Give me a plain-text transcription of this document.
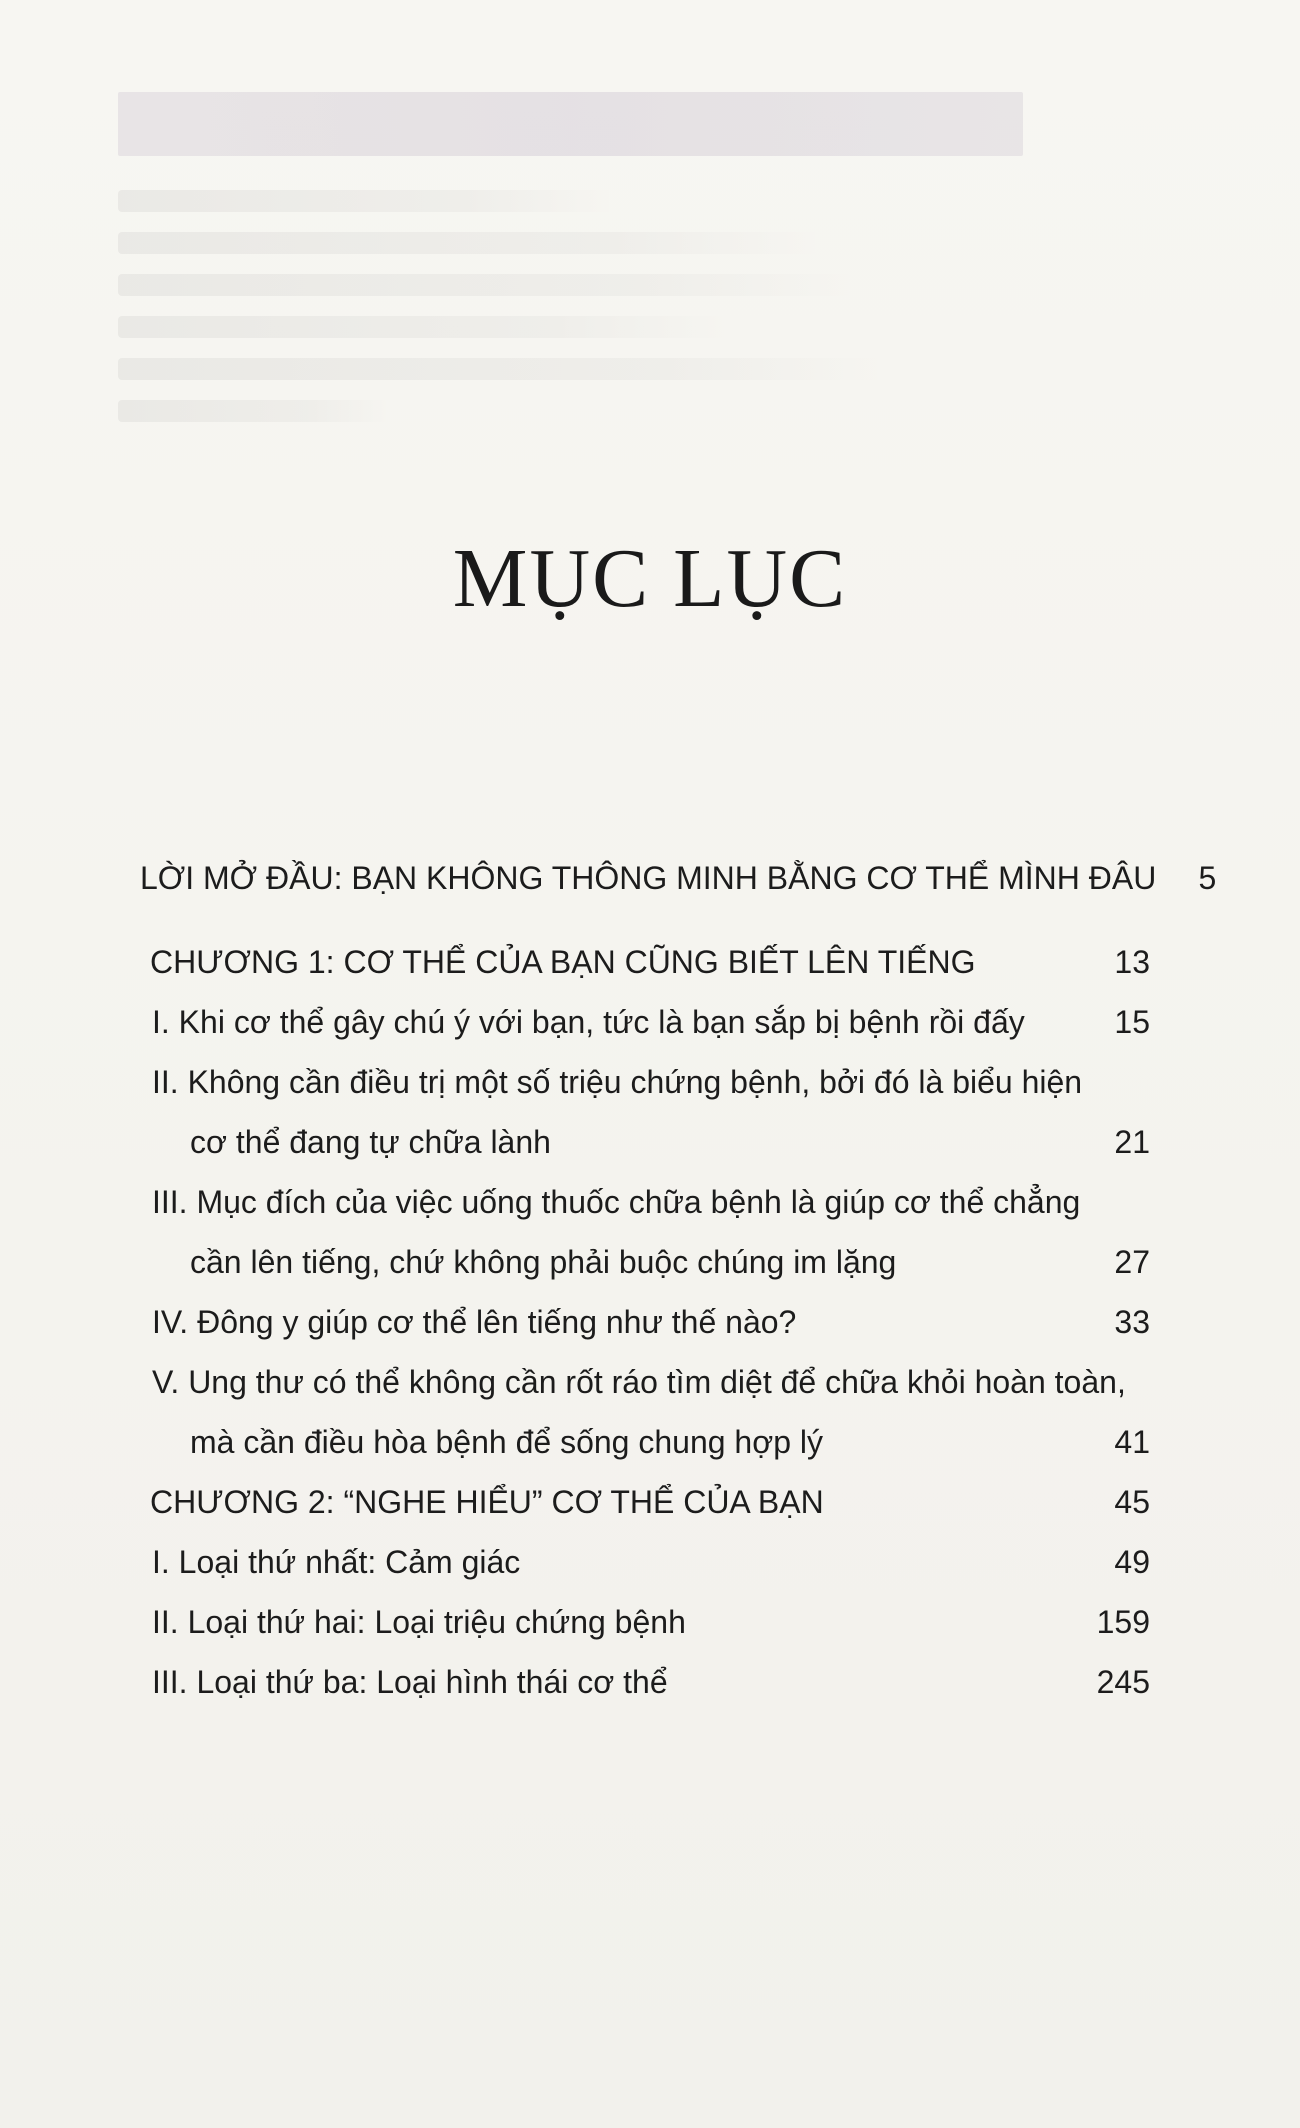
MỤC LỤC
LỜI MỞ ĐẦU: BẠN KHÔNG THÔNG MINH BẰNG CƠ THỂ MÌNH ĐÂU	5
CHƯƠNG 1: CƠ THỂ CỦA BẠN CŨNG BIẾT LÊN TIẾNG	13
I. Khi cơ thể gây chú ý với bạn, tức là bạn sắp bị bệnh rồi đấy	15
II. Không cần điều trị một số triệu chứng bệnh, bởi đó là biểu hiện
cơ thể đang tự chữa lành	21
III. Mục đích của việc uống thuốc chữa bệnh là giúp cơ thể chẳng
cần lên tiếng, chứ không phải buộc chúng im lặng	27
IV. Đông y giúp cơ thể lên tiếng như thế nào?	33
V. Ung thư có thể không cần rốt ráo tìm diệt để chữa khỏi hoàn toàn,
mà cần điều hòa bệnh để sống chung hợp lý	41
CHƯƠNG 2: “NGHE HIỂU” CƠ THỂ CỦA BẠN	45
I. Loại thứ nhất: Cảm giác	49
II. Loại thứ hai: Loại triệu chứng bệnh	159
III. Loại thứ ba: Loại hình thái cơ thể	245
